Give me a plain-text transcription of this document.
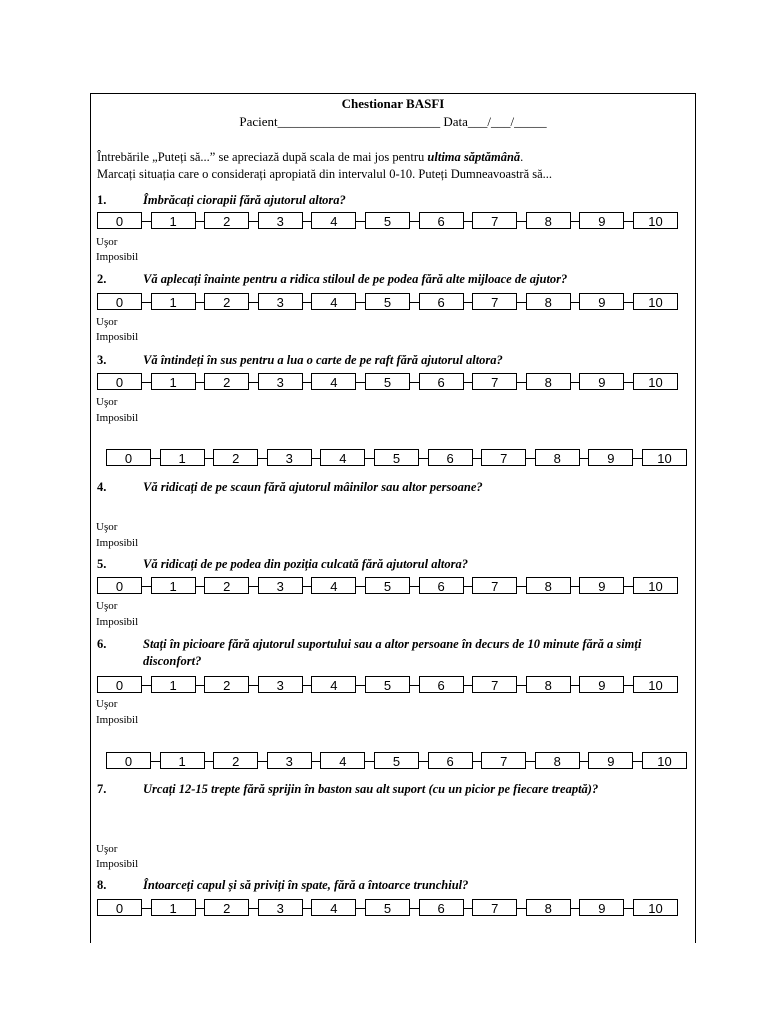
Chestionar BASFI
Pacient_________________________ Data___/___/_____
Întrebările „Puteți să...” se apreciază după scala de mai jos pentru ultima săptămână.
Marcați situația care o considerați apropiată din intervalul 0-10. Puteți Dumneavoastră să...
1.	Îmbrăcați ciorapii fără ajutorul altora?
0	1	2	3	4	5	6	7	8	9	10
Uşor
Imposibil
2.	Vă aplecați înainte pentru a ridica stiloul de pe podea fără alte mijloace de ajutor?
0	1	2	3	4	5	6	7	8	9	10
Uşor
Imposibil
3.	Vă întindeți în sus pentru a lua o carte de pe raft fără ajutorul altora?
0	1	2	3	4	5	6	7	8	9	10
Uşor
Imposibil
4.	Vă ridicați de pe scaun fără ajutorul mâinilor sau altor persoane?
0	1	2	3	4	5	6	7	8	9	10
Uşor
Imposibil
5.	Vă ridicați de pe podea din poziția culcată fără ajutorul altora?
0	1	2	3	4	5	6	7	8	9	10
Uşor
Imposibil
6.	Stați în picioare fără ajutorul suportului sau a altor persoane în decurs de 10 minute fără a simți disconfort?
0	1	2	3	4	5	6	7	8	9	10
Uşor
Imposibil
7.	Urcați 12-15 trepte fără sprijin în baston sau alt suport (cu un picior pe fiecare treaptă)?
0	1	2	3	4	5	6	7	8	9	10
Uşor
Imposibil
8.	Întoarceți capul și să priviți în spate, fără a întoarce trunchiul?
0	1	2	3	4	5	6	7	8	9	10
